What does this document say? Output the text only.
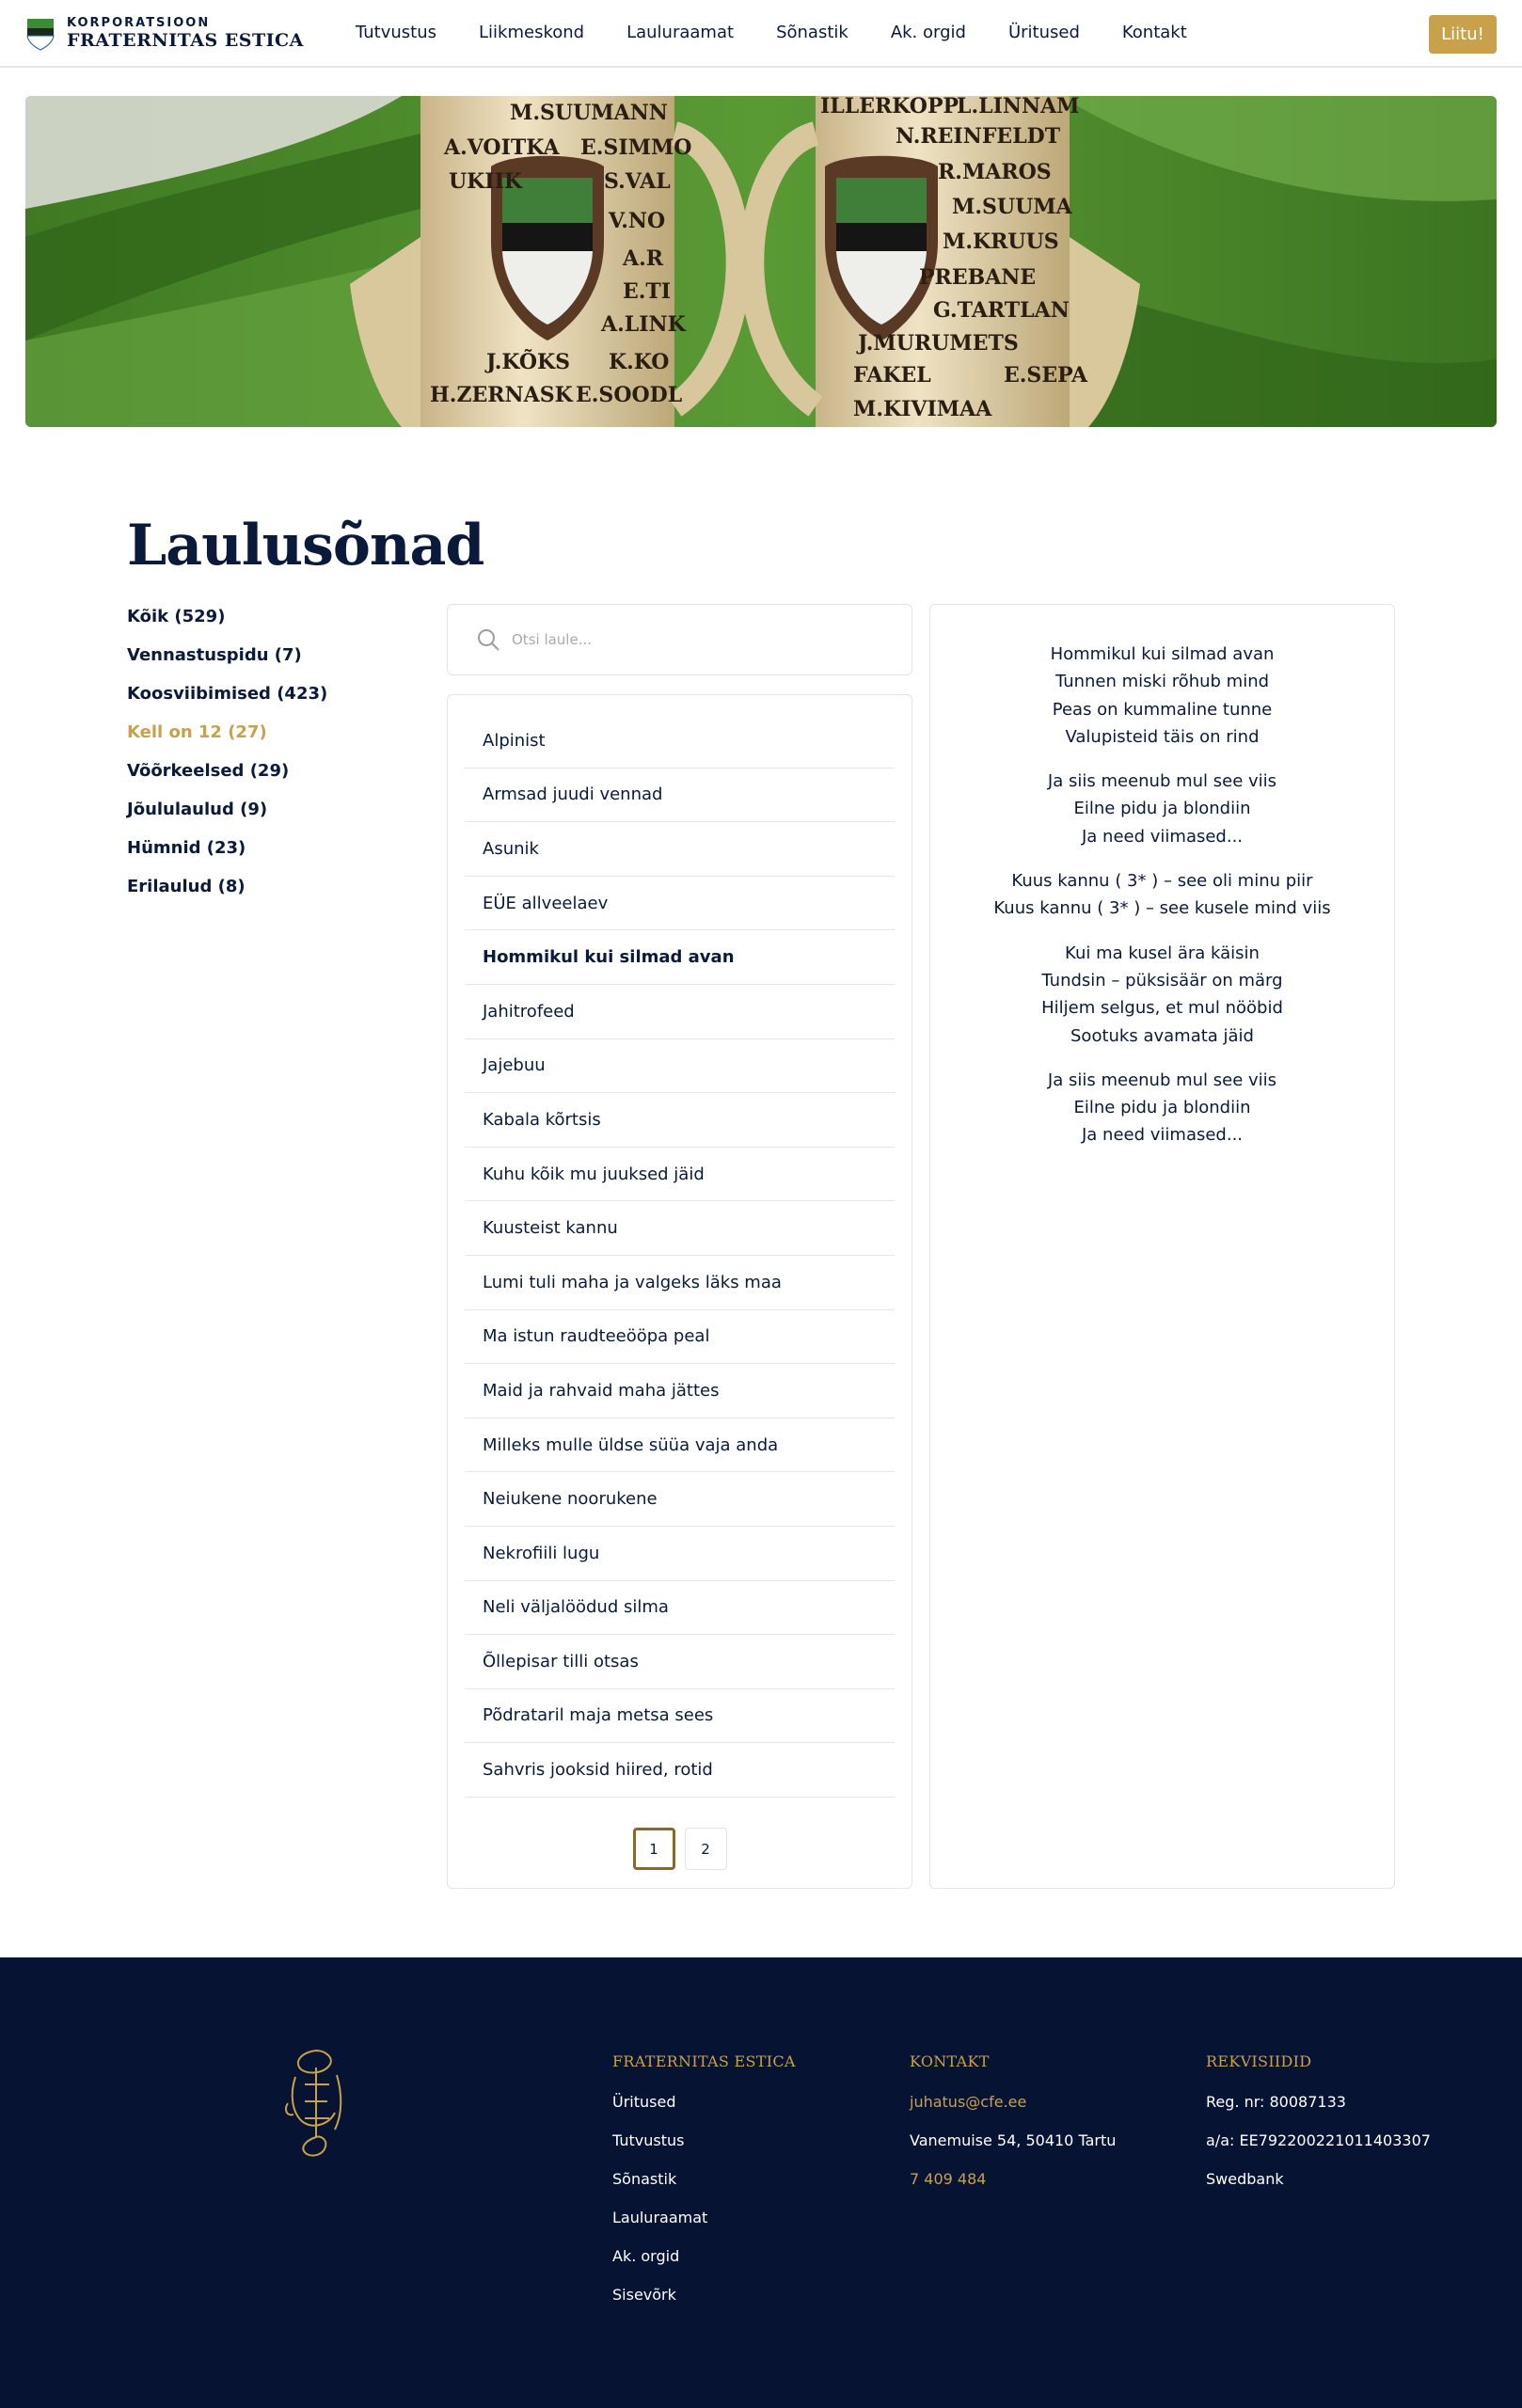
KORPORATSIOON
FRATERNITAS ESTICA	Tutvustus	Liikmeskond	Lauluraamat	Sõnastik	Ak. orgid	Üritused	Kontakt	Liitu!
M.SUUMANN
A.VOITKA E.SIMMO
UKIIK	S.VAL
V.NO
A.R
E.TI
A.LINK
J.KÕKS K.KO
H.ZERNASK E.SOODL
ILLERKOPP
L.LINNAM
N.REINFELDT
R.MAROS
M.SUUMA
M.KRUUS
PREBANE
G.TARTLAN
J.MURUMETS
FAKEL	E.SEPA
M.KIVIMAA
Laulusõnad
Kõik (529)
Vennastuspidu (7)
Koosviibimised (423)
Kell on 12 (27)
Võõrkeelsed (29)
Jõululaulud (9)
Hümnid (23)
Erilaulud (8)
Otsi laule...
Alpinist
Armsad juudi vennad
Asunik
EÜE allveelaev
Hommikul kui silmad avan
Jahitrofeed
Jajebuu
Kabala kõrtsis
Kuhu kõik mu juuksed jäid
Kuusteist kannu
Lumi tuli maha ja valgeks läks maa
Ma istun raudteeööpa peal
Maid ja rahvaid maha jättes
Milleks mulle üldse süüa vaja anda
Neiukene noorukene
Nekrofiili lugu
Neli väljalöödud silma
Õllepisar tilli otsas
Põdrataril maja metsa sees
Sahvris jooksid hiired, rotid
1	2
Hommikul kui silmad avan
Tunnen miski rõhub mind
Peas on kummaline tunne
Valupisteid täis on rind
Ja siis meenub mul see viis
Eilne pidu ja blondiin
Ja need viimased...
Kuus kannu ( 3* ) – see oli minu piir
Kuus kannu ( 3* ) – see kusele mind viis
Kui ma kusel ära käisin
Tundsin – püksisäär on märg
Hiljem selgus, et mul nööbid
Sootuks avamata jäid
Ja siis meenub mul see viis
Eilne pidu ja blondiin
Ja need viimased...
FRATERNITAS ESTICA
Üritused
Tutvustus
Sõnastik
Lauluraamat
Ak. orgid
Sisevõrk
KONTAKT
juhatus@cfe.ee
Vanemuise 54, 50410 Tartu
7 409 484
REKVISIIDID
Reg. nr: 80087133
a/a: EE792200221011403307
Swedbank
